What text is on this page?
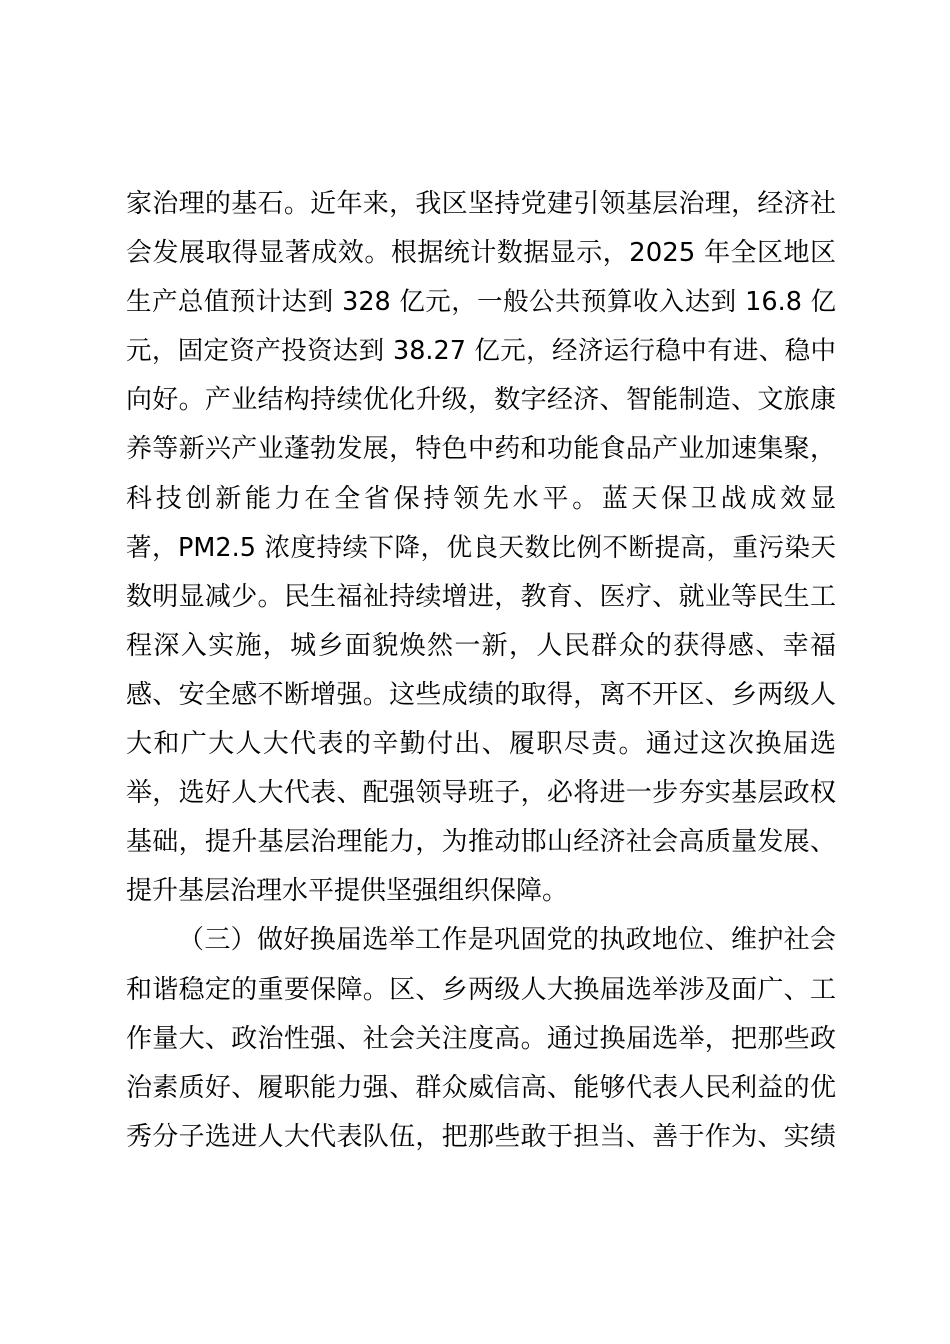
家治理的基石。近年来，我区坚持党建引领基层治理，经济社
会发展取得显著成效。根据统计数据显示，2025 年全区地区
生产总值预计达到 328 亿元，一般公共预算收入达到 16.8 亿
元，固定资产投资达到 38.27 亿元，经济运行稳中有进、稳中
向好。产业结构持续优化升级，数字经济、智能制造、文旅康
养等新兴产业蓬勃发展，特色中药和功能食品产业加速集聚，
科技创新能力在全省保持领先水平。蓝天保卫战成效显
著，PM2.5 浓度持续下降，优良天数比例不断提高，重污染天
数明显减少。民生福祉持续增进，教育、医疗、就业等民生工
程深入实施，城乡面貌焕然一新，人民群众的获得感、幸福
感、安全感不断增强。这些成绩的取得，离不开区、乡两级人
大和广大人大代表的辛勤付出、履职尽责。通过这次换届选
举，选好人大代表、配强领导班子，必将进一步夯实基层政权
基础，提升基层治理能力，为推动邯山经济社会高质量发展、
提升基层治理水平提供坚强组织保障。
（三）做好换届选举工作是巩固党的执政地位、维护社会
和谐稳定的重要保障。区、乡两级人大换届选举涉及面广、工
作量大、政治性强、社会关注度高。通过换届选举，把那些政
治素质好、履职能力强、群众威信高、能够代表人民利益的优
秀分子选进人大代表队伍，把那些敢于担当、善于作为、实绩
